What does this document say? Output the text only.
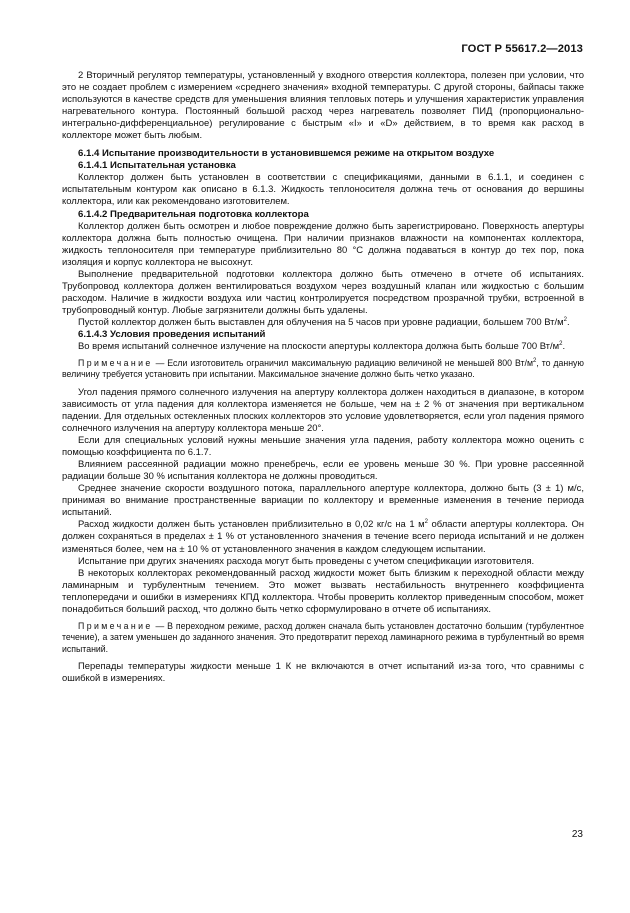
ГОСТ Р 55617.2—2013

2 Вторичный регулятор температуры, установленный у входного отверстия коллектора, полезен при условии, что это не создает проблем с измерением «среднего значения» входной температуры. С другой стороны, байпасы также используются в качестве средств для уменьшения влияния тепловых потерь и улучшения характеристик управления нагревательного контура. Постоянный большой расход через нагреватель позволяет ПИД (пропорционально-интегрально-дифференциальное) регулирование с быстрым «I» и «D» действием, в то время как расход в коллекторе может быть любым.

6.1.4 Испытание производительности в установившемся режиме на открытом воздухе

6.1.4.1 Испытательная установка

Коллектор должен быть установлен в соответствии с спецификациями, данными в 6.1.1, и соединен с испытательным контуром как описано в 6.1.3. Жидкость теплоносителя должна течь от основания до вершины коллектора, или как рекомендовано изготовителем.

6.1.4.2 Предварительная подготовка коллектора

Коллектор должен быть осмотрен и любое повреждение должно быть зарегистрировано. Поверхность апертуры коллектора должна быть полностью очищена. При наличии признаков влажности на компонентах коллектора, жидкость теплоносителя при температуре приблизительно 80 °С должна подаваться в контур до тех пор, пока изоляция и корпус коллектора не высохнут.

Выполнение предварительной подготовки коллектора должно быть отмечено в отчете об испытаниях. Трубопровод коллектора должен вентилироваться воздухом через воздушный клапан или жидкостью с большим расходом. Наличие в жидкости воздуха или частиц контролируется посредством прозрачной трубки, встроенной в трубопроводный контур. Любые загрязнители должны быть удалены.

Пустой коллектор должен быть выставлен для облучения на 5 часов при уровне радиации, большем 700 $Вт/м^2$.

6.1.4.3 Условия проведения испытаний

Во время испытаний солнечное излучение на плоскости апертуры коллектора должна быть больше 700 $Вт/м^2$.

Примечание — Если изготовитель ограничил максимальную радиацию величиной не меньшей 800 $Вт/м^2$, то данную величину требуется установить при испытании. Максимальное значение должно быть четко указано.

Угол падения прямого солнечного излучения на апертуру коллектора должен находиться в диапазоне, в котором зависимость от угла падения для коллектора изменяется не больше, чем на ± 2 % от значения при вертикальном падении. Для отдельных остекленных плоских коллекторов это условие удовлетворяется, если угол падения прямого солнечного излучения на апертуру коллектора меньше 20°.

Если для специальных условий нужны меньшие значения угла падения, работу коллектора можно оценить с помощью коэффициента по 6.1.7.

Влиянием рассеянной радиации можно пренебречь, если ее уровень меньше 30 %. При уровне рассеянной радиации больше 30 % испытания коллектора не должны проводиться.

Среднее значение скорости воздушного потока, параллельного апертуре коллектора, должно быть (3 ± 1) м/с, принимая во внимание пространственные вариации по коллектору и временные изменения в течение периода испытаний.

Расход жидкости должен быть установлен приблизительно в 0,02 кг/с на 1 $м^2$ области апертуры коллектора. Он должен сохраняться в пределах ± 1 % от установленного значения в течение всего периода испытаний и не должен изменяться более, чем на ± 10 % от установленного значения в каждом следующем испытании.

Испытание при других значениях расхода могут быть проведены с учетом спецификации изготовителя.

В некоторых коллекторах рекомендованный расход жидкости может быть близким к переходной области между ламинарным и турбулентным течением. Это может вызвать нестабильность внутреннего коэффициента теплопередачи и ошибки в измерениях КПД коллектора. Чтобы проверить коллектор приведенным способом, может понадобиться больший расход, что должно быть четко сформулировано в отчете об испытаниях.

Примечание — В переходном режиме, расход должен сначала быть установлен достаточно большим (турбулентное течение), а затем уменьшен до заданного значения. Это предотвратит переход ламинарного режима в турбулентный во время испытаний.

Перепады температуры жидкости меньше 1 К не включаются в отчет испытаний из-за того, что сравнимы с ошибкой в измерениях.

23
